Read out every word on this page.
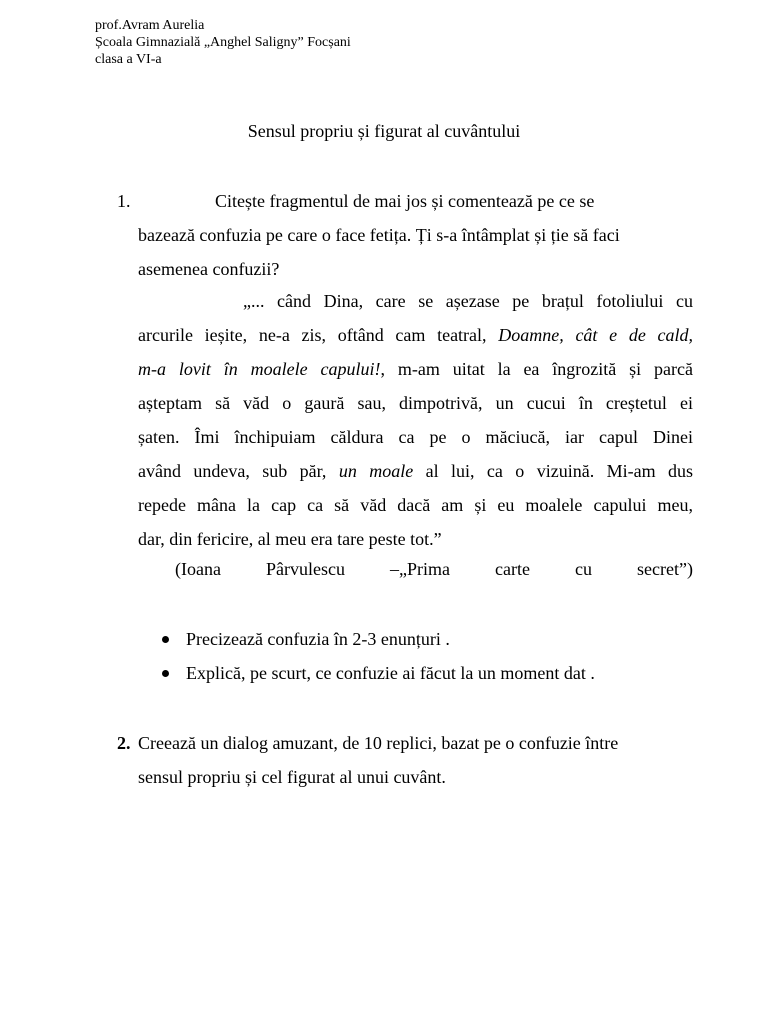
prof.Avram Aurelia
Școala Gimnazială „Anghel Saligny” Focșani
clasa a VI-a
Sensul propriu și figurat al cuvântului
1.	Citește fragmentul de mai jos și comentează pe ce se
bazează confuzia pe care o face fetița. Ți s-a întâmplat și ție să faci
asemenea confuzii?
„... când Dina, care se așezase pe brațul fotoliului cu
arcurile ieșite, ne-a zis, oftând cam teatral, Doamne, cât e de cald,
m-a lovit în moalele capului!, m-am uitat la ea îngrozită și parcă
așteptam să văd o gaură sau, dimpotrivă, un cucui în creștetul ei
șaten. Îmi închipuiam căldura ca pe o măciucă, iar capul Dinei
având undeva, sub păr, un moale al lui, ca o vizuină. Mi-am dus
repede mâna la cap ca să văd dacă am și eu moalele capului meu,
dar, din fericire, al meu era tare peste tot.”
(Ioana	Pârvulescu	–„Prima	carte	cu	secret”)
Precizează confuzia în 2-3 enunțuri .
Explică, pe scurt, ce confuzie ai făcut la un moment dat .
2. Creează un dialog amuzant, de 10 replici, bazat pe o confuzie între
sensul propriu și cel figurat al unui cuvânt.
